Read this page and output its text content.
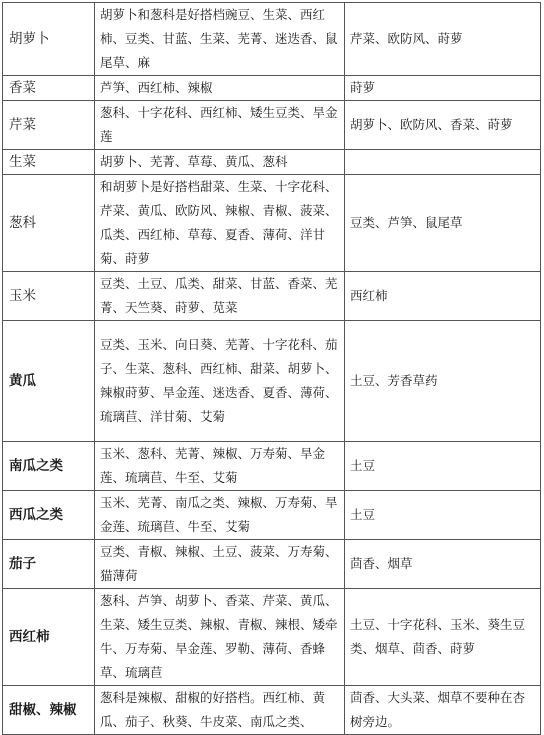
胡萝卜	胡萝卜和葱科是好搭档豌豆、生菜、西红柿、豆类、甘蓝、生菜、芜菁、迷迭香、鼠尾草、麻	芹菜、欧防风、莳萝
香菜	芦笋、西红柿、辣椒	莳萝
芹菜	葱科、十字花科、西红柿、矮生豆类、旱金莲	胡萝卜、欧防风、香菜、莳萝
生菜	胡萝卜、芜菁、草莓、黄瓜、葱科	
葱科	和胡萝卜是好搭档甜菜、生菜、十字花科、芹菜、黄瓜、欧防风、辣椒、青椒、菠菜、瓜类、西红柿、草莓、夏香、薄荷、洋甘菊、莳萝	豆类、芦笋、鼠尾草
玉米	豆类、土豆、瓜类、甜菜、甘蓝、香菜、芜菁、天竺葵、莳萝、苋菜	西红柿
黄瓜	豆类、玉米、向日葵、芜菁、十字花科、茄子、生菜、葱科、西红柿、甜菜、胡萝卜、辣椒莳萝、旱金莲、迷迭香、夏香、薄荷、琉璃苣、洋甘菊、艾菊	土豆、芳香草药
南瓜之类	玉米、葱科、芜菁、辣椒、万寿菊、旱金莲、琉璃苣、牛至、艾菊	土豆
西瓜之类	玉米、芜菁、南瓜之类、辣椒、万寿菊、旱金莲、琉璃苣、牛至、艾菊	土豆
茄子	豆类、青椒、辣椒、土豆、菠菜、万寿菊、猫薄荷	茴香、烟草
西红柿	葱科、芦笋、胡萝卜、香菜、芹菜、黄瓜、生菜、矮生豆类、辣椒、青椒、辣根、矮牵牛、万寿菊、旱金莲、罗勒、薄荷、香蜂草、琉璃苣	土豆、十字花科、玉米、葵生豆类、烟草、茴香、莳萝
甜椒、辣椒	葱科是辣椒、甜椒的好搭档。西红柿、黄瓜、茄子、秋葵、牛皮菜、南瓜之类、	茴香、大头菜、烟草不要种在杏树旁边。
